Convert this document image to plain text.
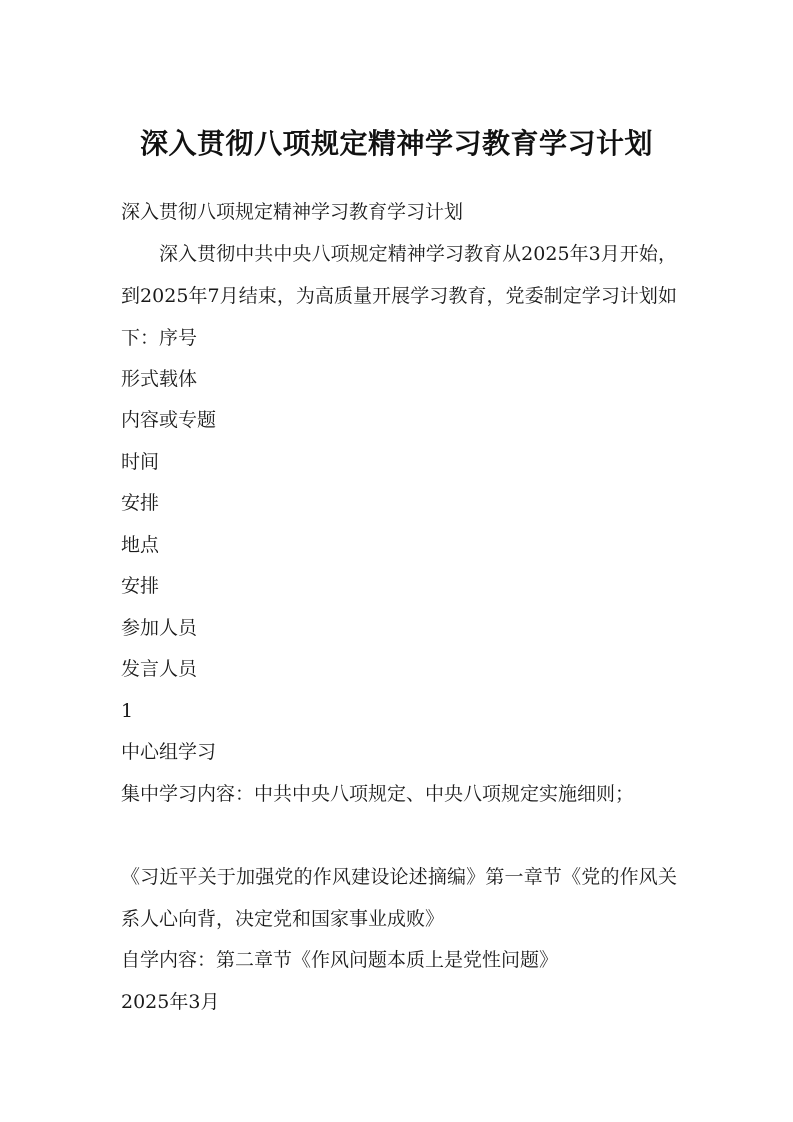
深入贯彻八项规定精神学习教育学习计划
深入贯彻八项规定精神学习教育学习计划
深入贯彻中共中央八项规定精神学习教育从2025年3月开始，到2025年7月结束，为高质量开展学习教育，党委制定学习计划如下：序号
形式载体
内容或专题
时间
安排
地点
安排
参加人员
发言人员
1
中心组学习
集中学习内容：中共中央八项规定、中央八项规定实施细则；
《习近平关于加强党的作风建设论述摘编》第一章节《党的作风关系人心向背，决定党和国家事业成败》
自学内容：第二章节《作风问题本质上是党性问题》
2025年3月
